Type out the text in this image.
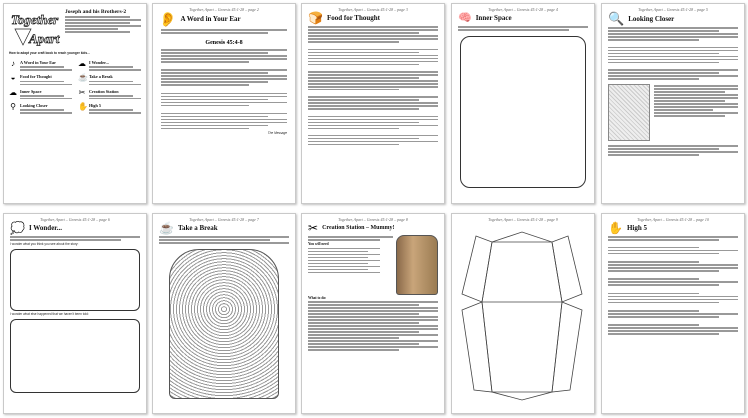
Together
Apart
Joseph and his Brothers-2
How to adapt your craft book to reach younger kids...
♪	A Word in Your Ear
◒	Food for Thought
☁ Inner Space
⚲ Looking Closer
☁ I Wonder...
☕ Take a Break
✂ Creation Station
✋ High 5
Together, Apart – Genesis 45:1-28 – page 2
👂 A Word in Your Ear
Genesis 45:4-8
The Message
Together, Apart – Genesis 45:1-28 – page 3
🍞 Food for Thought
Together, Apart – Genesis 45:1-28 – page 4
🧠 Inner Space
Together, Apart – Genesis 45:1-28 – page 5
🔍 Looking Closer
Together, Apart – Genesis 45:1-28 – page 6
💭 I Wonder...
I wonder what you think you see about the story:
I wonder what else happened that we haven't been told:
Together, Apart – Genesis 45:1-28 – page 7
☕ Take a Break
Together, Apart – Genesis 45:1-28 – page 8
✂ Creation Station – Mummy!
You will need
What to do:
Together, Apart – Genesis 45:1-28 – page 9	Together, Apart – Genesis 45:1-28 – page 10
✋ High 5
